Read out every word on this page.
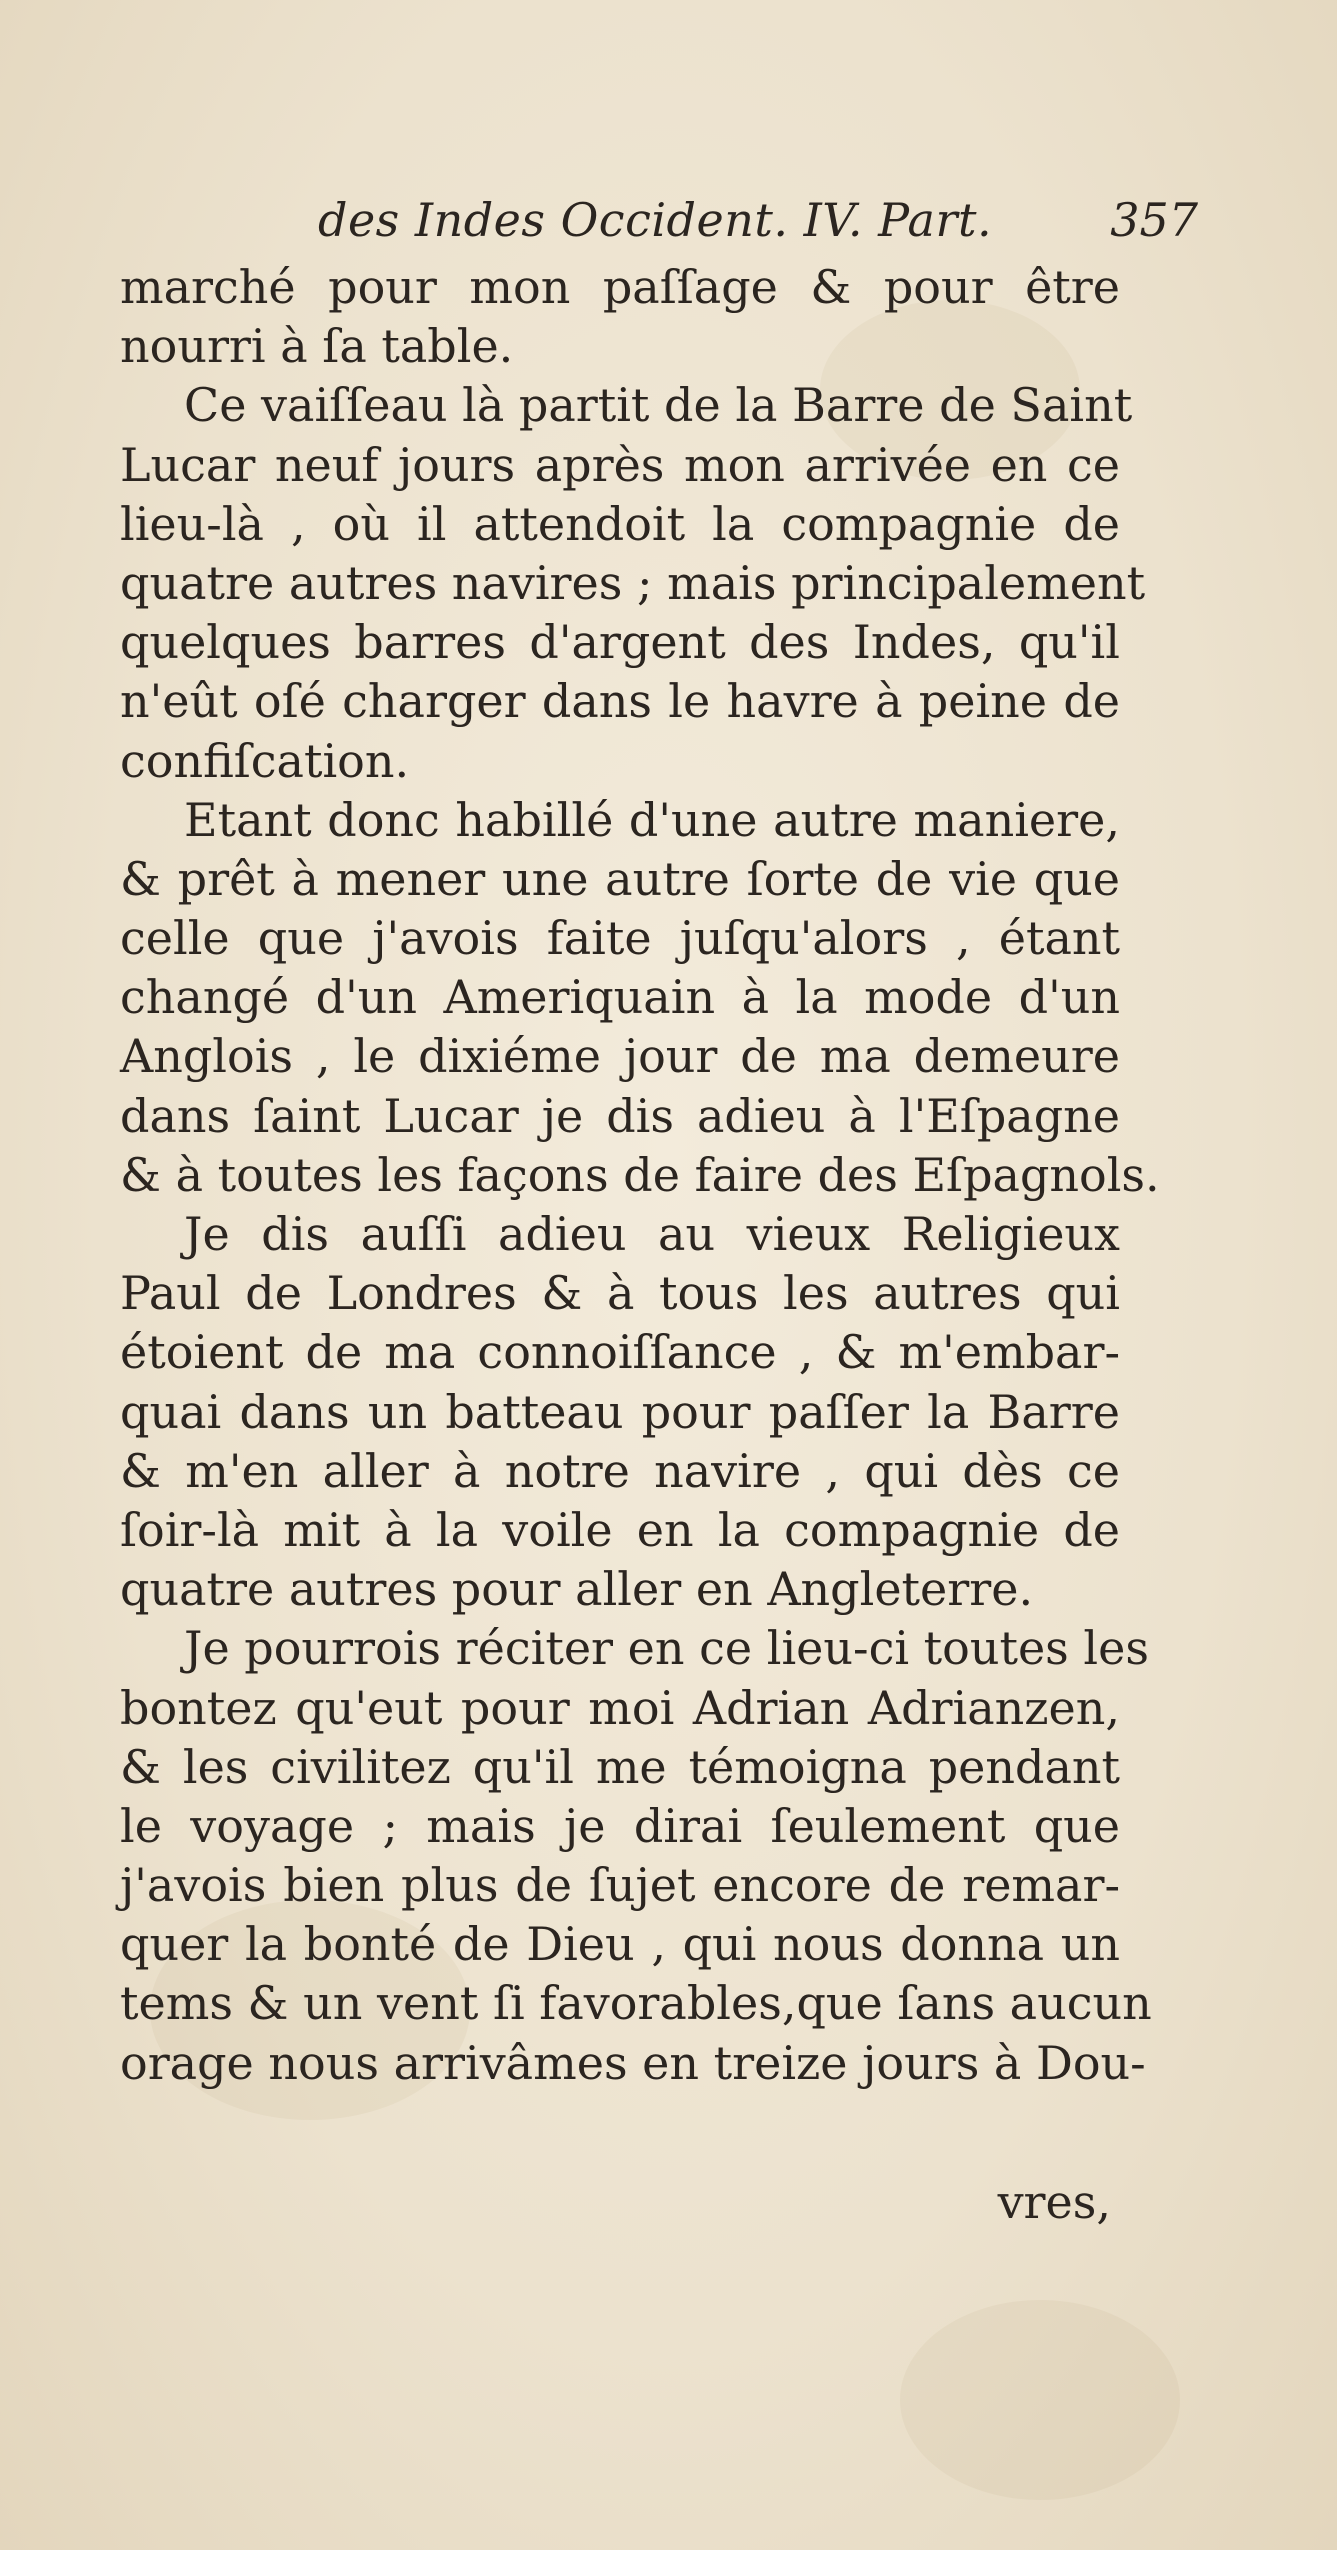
des Indes Occident. IV. Part.	357
marché pour mon paſſage & pour être
nourri à ſa table.
Ce vaiſſeau là partit de la Barre de Saint
Lucar neuf jours après mon arrivée en ce
lieu-là , où il attendoit la compagnie de
quatre autres navires ; mais principalement
quelques barres d'argent des Indes, qu'il
n'eût oſé charger dans le havre à peine de
confiſcation.
Etant donc habillé d'une autre maniere,
& prêt à mener une autre ſorte de vie que
celle que j'avois faite juſqu'alors , étant
changé d'un Ameriquain à la mode d'un
Anglois , le dixiéme jour de ma demeure
dans ſaint Lucar je dis adieu à l'Eſpagne
& à toutes les façons de faire des Eſpagnols.
Je dis auſſi adieu au vieux Religieux
Paul de Londres & à tous les autres qui
étoient de ma connoiſſance , & m'embar-
quai dans un batteau pour paſſer la Barre
& m'en aller à notre navire , qui dès ce
ſoir-là mit à la voile en la compagnie de
quatre autres pour aller en Angleterre.
Je pourrois réciter en ce lieu-ci toutes les
bontez qu'eut pour moi Adrian Adrianzen,
& les civilitez qu'il me témoigna pendant
le voyage ; mais je dirai ſeulement que
j'avois bien plus de ſujet encore de remar-
quer la bonté de Dieu , qui nous donna un
tems & un vent ſi favorables,que ſans aucun
orage nous arrivâmes en treize jours à Dou-
vres,
